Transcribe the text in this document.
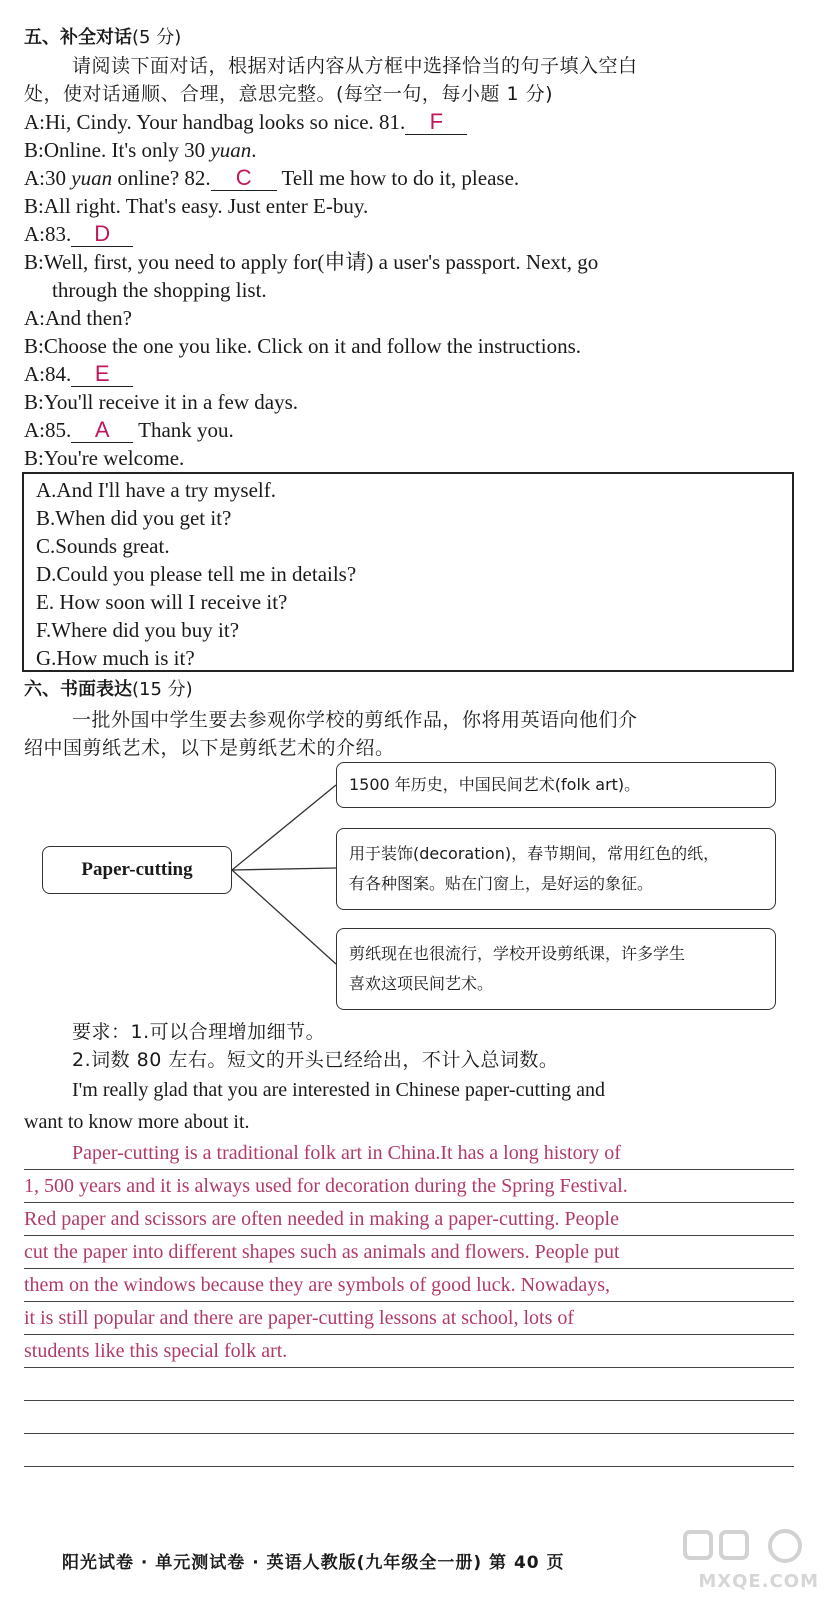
五、补全对话(5 分)
请阅读下面对话，根据对话内容从方框中选择恰当的句子填入空白
处，使对话通顺、合理，意思完整。(每空一句，每小题 1 分)
A:Hi, Cindy. Your handbag looks so nice. 81. F
B:Online. It's only 30 yuan.
A:30 yuan online? 82. C Tell me how to do it, please.
B:All right. That's easy. Just enter E-buy.
A:83. D
B:Well, first, you need to apply for(申请) a user's passport. Next, go
through the shopping list.
A:And then?
B:Choose the one you like. Click on it and follow the instructions.
A:84. E
B:You'll receive it in a few days.
A:85. A Thank you.
B:You're welcome.
A.And I'll have a try myself.
B.When did you get it?
C.Sounds great.
D.Could you please tell me in details?
E. How soon will I receive it?
F.Where did you buy it?
G.How much is it?
六、书面表达(15 分)
一批外国中学生要去参观你学校的剪纸作品，你将用英语向他们介
绍中国剪纸艺术，以下是剪纸艺术的介绍。
Paper-cutting
1500 年历史，中国民间艺术(folk art)。
用于装饰(decoration)，春节期间，常用红色的纸，
有各种图案。贴在门窗上，是好运的象征。
剪纸现在也很流行，学校开设剪纸课，许多学生
喜欢这项民间艺术。
要求：1.可以合理增加细节。
2.词数 80 左右。短文的开头已经给出，不计入总词数。
I'm really glad that you are interested in Chinese paper-cutting and
want to know more about it.
Paper-cutting is a traditional folk art in China.It has a long history of
1, 500 years and it is always used for decoration during the Spring Festival.
Red paper and scissors are often needed in making a paper-cutting. People
cut the paper into different shapes such as animals and flowers. People put
them on the windows because they are symbols of good luck. Nowadays,
it is still popular and there are paper-cutting lessons at school, lots of
students like this special folk art.
阳光试卷 · 单元测试卷 · 英语人教版(九年级全一册) 第 40 页
MXQE.COM
